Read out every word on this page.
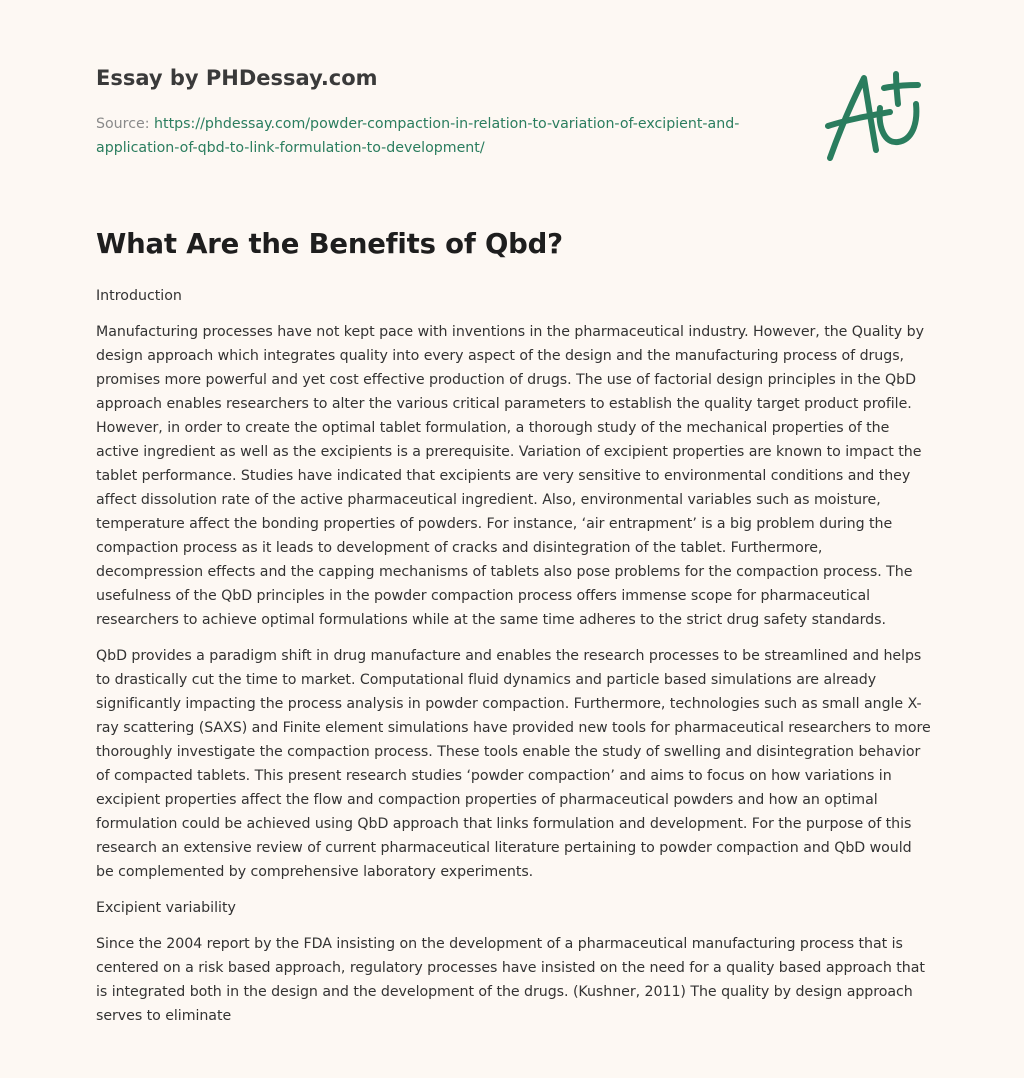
Essay by PHDessay.com
Source: https://phdessay.com/powder-compaction-in-relation-to-variation-of-excipient-and-application-of-qbd-to-link-formulation-to-development/
What Are the Benefits of Qbd?

Introduction

Manufacturing processes have not kept pace with inventions in the pharmaceutical industry. However, the Quality by design approach which integrates quality into every aspect of the design and the manufacturing process of drugs, promises more powerful and yet cost effective production of drugs. The use of factorial design principles in the QbD approach enables researchers to alter the various critical parameters to establish the quality target product profile. However, in order to create the optimal tablet formulation, a thorough study of the mechanical properties of the active ingredient as well as the excipients is a prerequisite. Variation of excipient properties are known to impact the tablet performance. Studies have indicated that excipients are very sensitive to environmental conditions and they affect dissolution rate of the active pharmaceutical ingredient. Also, environmental variables such as moisture, temperature affect the bonding properties of powders. For instance, ‘air entrapment’ is a big problem during the compaction process as it leads to development of cracks and disintegration of the tablet. Furthermore, decompression effects and the capping mechanisms of tablets also pose problems for the compaction process. The usefulness of the QbD principles in the powder compaction process offers immense scope for pharmaceutical researchers to achieve optimal formulations while at the same time adheres to the strict drug safety standards.

QbD provides a paradigm shift in drug manufacture and enables the research processes to be streamlined and helps to drastically cut the time to market. Computational fluid dynamics and particle based simulations are already significantly impacting the process analysis in powder compaction. Furthermore, technologies such as small angle X-ray scattering (SAXS) and Finite element simulations have provided new tools for pharmaceutical researchers to more thoroughly investigate the compaction process. These tools enable the study of swelling and disintegration behavior of compacted tablets. This present research studies ‘powder compaction’ and aims to focus on how variations in excipient properties affect the flow and compaction properties of pharmaceutical powders and how an optimal formulation could be achieved using QbD approach that links formulation and development. For the purpose of this research an extensive review of current pharmaceutical literature pertaining to powder compaction and QbD would be complemented by comprehensive laboratory experiments.

Excipient variability

Since the 2004 report by the FDA insisting on the development of a pharmaceutical manufacturing process that is centered on a risk based approach, regulatory processes have insisted on the need for a quality based approach that is integrated both in the design and the development of the drugs. (Kushner, 2011) The quality by design approach serves to eliminate
